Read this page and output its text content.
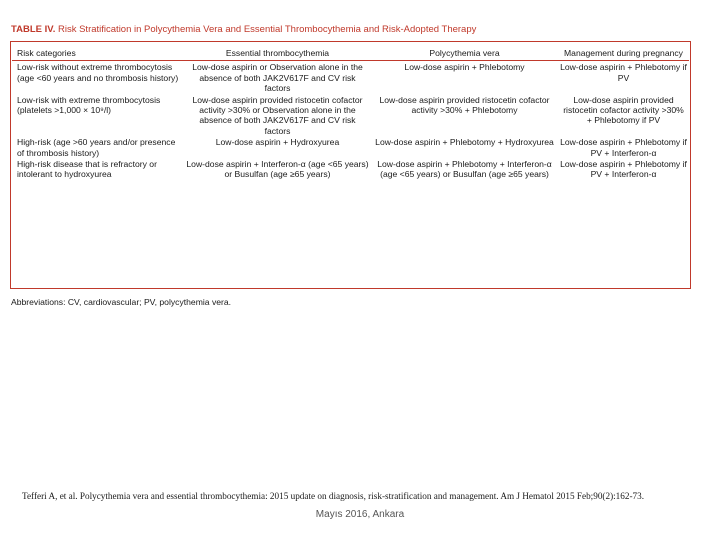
TABLE IV. Risk Stratification in Polycythemia Vera and Essential Thrombocythemia and Risk-Adopted Therapy
Risk categories	Essential thrombocythemia	Polycythemia vera	Management during pregnancy
Low-risk without extreme thrombocytosis (age <60 years and no thrombosis history)	Low-dose aspirin or Observation alone in the absence of both JAK2V617F and CV risk factors	Low-dose aspirin + Phlebotomy	Low-dose aspirin + Phlebotomy if PV
Low-risk with extreme thrombocytosis (platelets >1,000 × 10⁹/l)	Low-dose aspirin provided ristocetin cofactor activity >30% or Observation alone in the absence of both JAK2V617F and CV risk factors	Low-dose aspirin provided ristocetin cofactor activity >30% + Phlebotomy	Low-dose aspirin provided ristocetin cofactor activity >30% + Phlebotomy if PV
High-risk (age >60 years and/or presence of thrombosis history)	Low-dose aspirin + Hydroxyurea	Low-dose aspirin + Phlebotomy + Hydroxyurea	Low-dose aspirin + Phlebotomy if PV + Interferon-α
High-risk disease that is refractory or intolerant to hydroxyurea	Low-dose aspirin + Interferon-α (age <65 years) or Busulfan (age ≥65 years)	Low-dose aspirin + Phlebotomy + Interferon-α (age <65 years) or Busulfan (age ≥65 years)	Low-dose aspirin + Phlebotomy if PV + Interferon-α
Abbreviations: CV, cardiovascular; PV, polycythemia vera.
Tefferi A, et al. Polycythemia vera and essential thrombocythemia: 2015 update on diagnosis, risk-stratification and management. Am J Hematol 2015 Feb;90(2):162-73.
Mayıs 2016, Ankara
